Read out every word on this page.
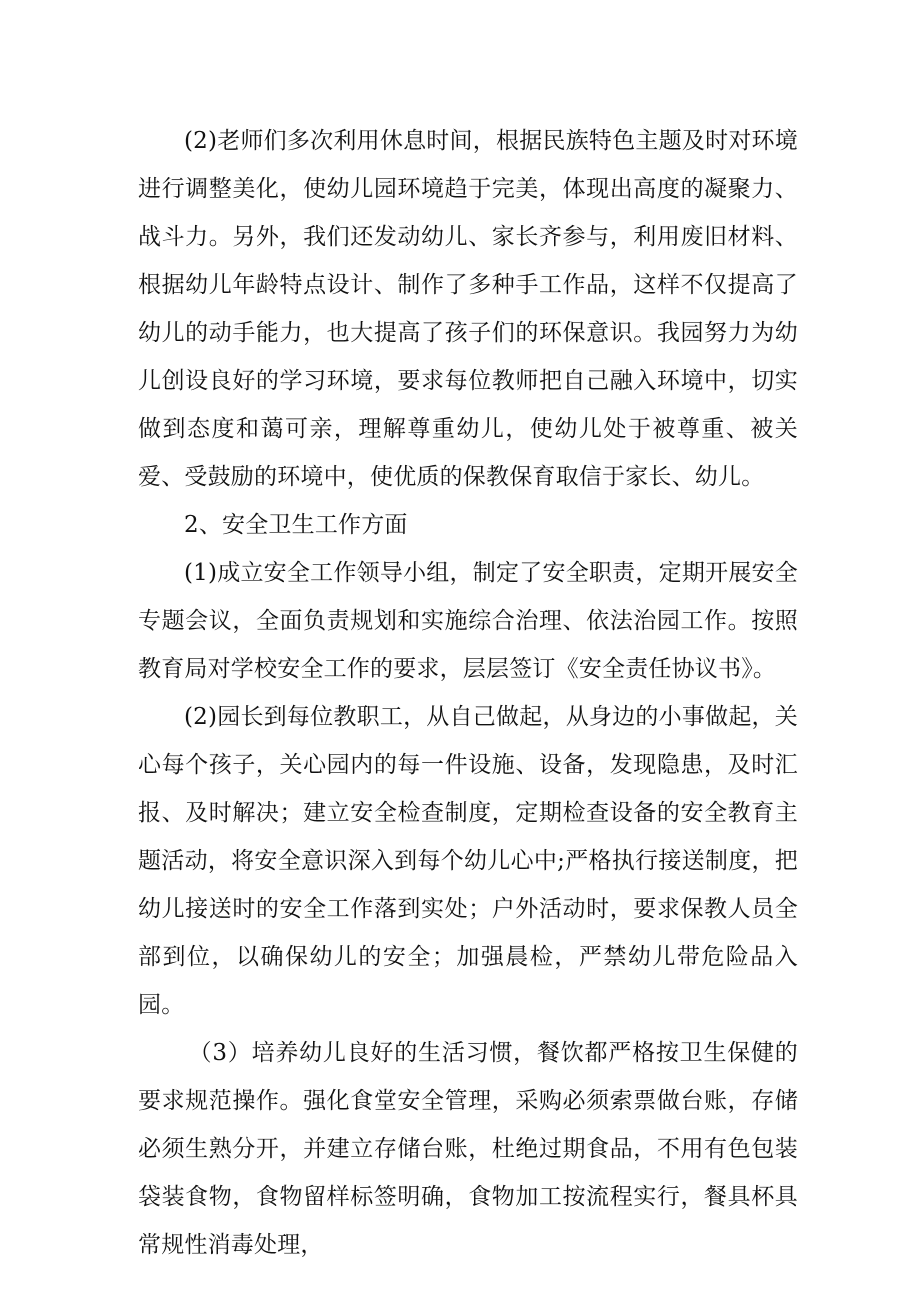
(2)老师们多次利用休息时间，根据民族特色主题及时对环境进行调整美化，使幼儿园环境趋于完美，体现出高度的凝聚力、战斗力。另外，我们还发动幼儿、家长齐参与，利用废旧材料、根据幼儿年龄特点设计、制作了多种手工作品，这样不仅提高了幼儿的动手能力，也大提高了孩子们的环保意识。我园努力为幼儿创设良好的学习环境，要求每位教师把自己融入环境中，切实做到态度和蔼可亲，理解尊重幼儿，使幼儿处于被尊重、被关爱、受鼓励的环境中，使优质的保教保育取信于家长、幼儿。

2、安全卫生工作方面

(1)成立安全工作领导小组，制定了安全职责，定期开展安全专题会议，全面负责规划和实施综合治理、依法治园工作。按照教育局对学校安全工作的要求，层层签订《安全责任协议书》。

(2)园长到每位教职工，从自己做起，从身边的小事做起，关心每个孩子，关心园内的每一件设施、设备，发现隐患，及时汇报、及时解决；建立安全检查制度，定期检查设备的安全教育主题活动，将安全意识深入到每个幼儿心中;严格执行接送制度，把幼儿接送时的安全工作落到实处；户外活动时，要求保教人员全部到位，以确保幼儿的安全；加强晨检，严禁幼儿带危险品入园。

（3）培养幼儿良好的生活习惯，餐饮都严格按卫生保健的要求规范操作。强化食堂安全管理，采购必须索票做台账，存储必须生熟分开，并建立存储台账，杜绝过期食品，不用有色包装袋装食物，食物留样标签明确，食物加工按流程实行，餐具杯具常规性消毒处理，
